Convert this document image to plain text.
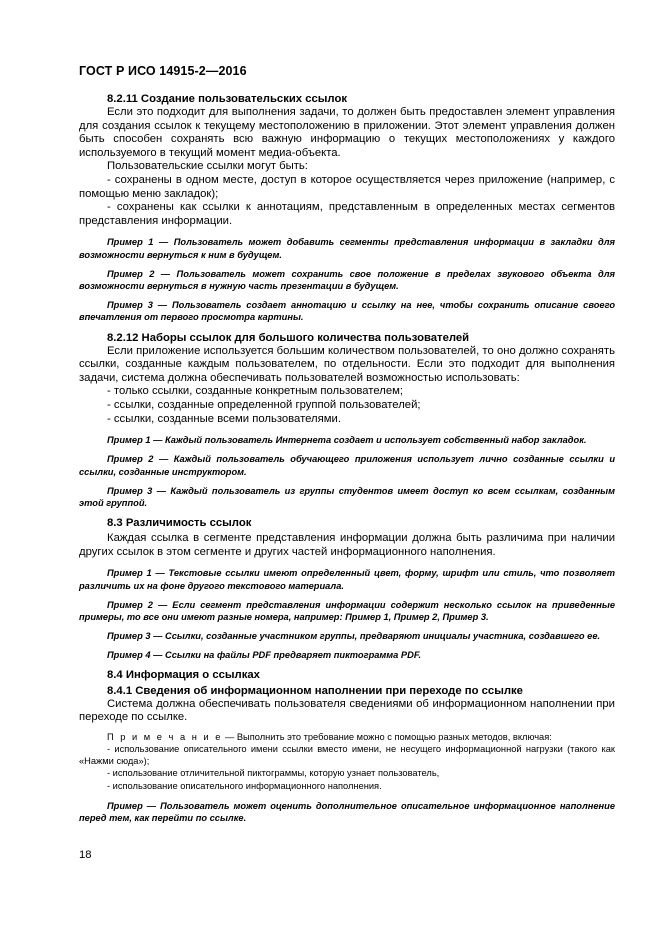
ГОСТ Р ИСО 14915-2—2016

8.2.11 Создание пользовательских ссылок

Если это подходит для выполнения задачи, то должен быть предоставлен элемент управления для создания ссылок к текущему местоположению в приложении. Этот элемент управления должен быть способен сохранять всю важную информацию о текущих местоположениях у каждого используемого в текущий момент медиа-объекта.

Пользовательские ссылки могут быть:

- сохранены в одном месте, доступ в которое осуществляется через приложение (например, с помощью меню закладок);

- сохранены как ссылки к аннотациям, представленным в определенных местах сегментов представления информации.

Пример 1 — Пользователь может добавить сегменты представления информации в закладки для возможности вернуться к ним в будущем.

Пример 2 — Пользователь может сохранить свое положение в пределах звукового объекта для возможности вернуться в нужную часть презентации в будущем.

Пример 3 — Пользователь создает аннотацию и ссылку на нее, чтобы сохранить описание своего впечатления от первого просмотра картины.

8.2.12 Наборы ссылок для большого количества пользователей

Если приложение используется большим количеством пользователей, то оно должно сохранять ссылки, созданные каждым пользователем, по отдельности. Если это подходит для выполнения задачи, система должна обеспечивать пользователей возможностью использовать:

- только ссылки, созданные конкретным пользователем;

- ссылки, созданные определенной группой пользователей;

- ссылки, созданные всеми пользователями.

Пример 1 — Каждый пользователь Интернета создает и использует собственный набор закладок.

Пример 2 — Каждый пользователь обучающего приложения использует лично созданные ссылки и ссылки, созданные инструктором.

Пример 3 — Каждый пользователь из группы студентов имеет доступ ко всем ссылкам, созданным этой группой.

8.3 Различимость ссылок

Каждая ссылка в сегменте представления информации должна быть различима при наличии других ссылок в этом сегменте и других частей информационного наполнения.

Пример 1 — Текстовые ссылки имеют определенный цвет, форму, шрифт или стиль, что позволяет различить их на фоне другого текстового материала.

Пример 2 — Если сегмент представления информации содержит несколько ссылок на приведенные примеры, то все они имеют разные номера, например: Пример 1, Пример 2, Пример 3.

Пример 3 — Ссылки, созданные участником группы, предваряют инициалы участника, создавшего ее.

Пример 4 — Ссылки на файлы PDF предваряет пиктограмма PDF.

8.4 Информация о ссылках

8.4.1 Сведения об информационном наполнении при переходе по ссылке

Система должна обеспечивать пользователя сведениями об информационном наполнении при переходе по ссылке.

П р и м е ч а н и е — Выполнить это требование можно с помощью разных методов, включая:

- использование описательного имени ссылки вместо имени, не несущего информационной нагрузки (такого как «Нажми сюда»);

- использование отличительной пиктограммы, которую узнает пользователь,

- использование описательного информационного наполнения.

Пример — Пользователь может оценить дополнительное описательное информационное наполнение перед тем, как перейти по ссылке.

18
